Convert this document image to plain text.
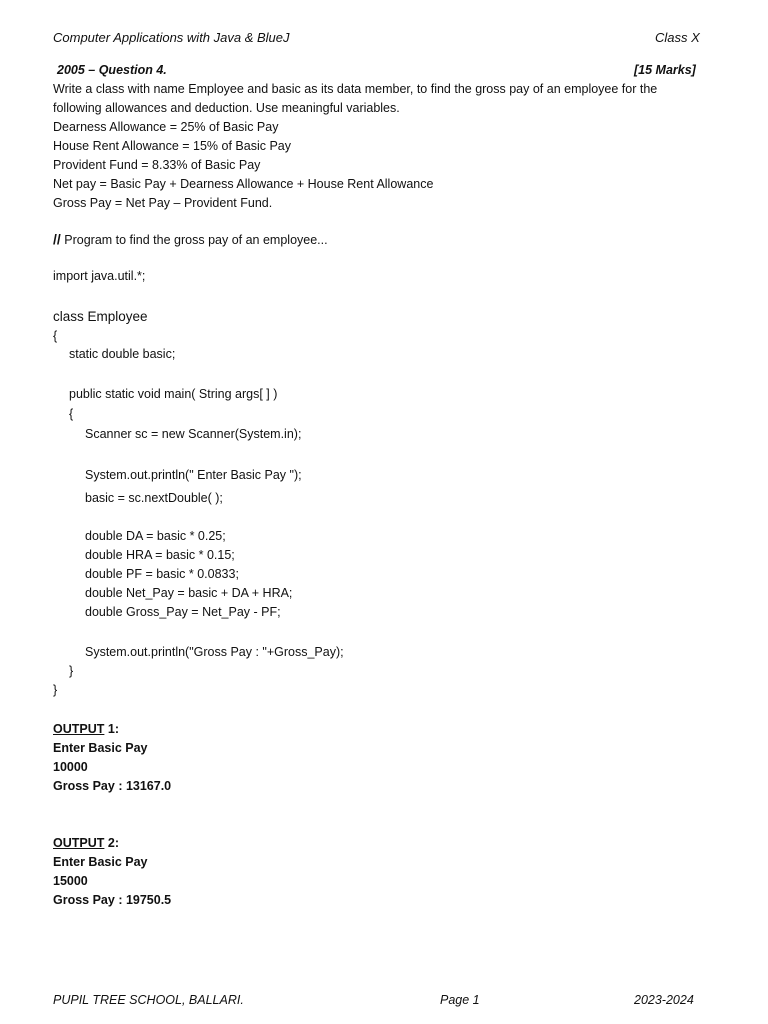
Computer Applications with Java & BlueJ	Class X
2005 – Question 4.	[15 Marks]
Write a class with name Employee and basic as its data member, to find the gross pay of an employee for the
following allowances and deduction. Use meaningful variables.
Dearness Allowance = 25% of Basic Pay
House Rent Allowance = 15% of Basic Pay
Provident Fund = 8.33% of Basic Pay
Net pay = Basic Pay + Dearness Allowance + House Rent Allowance
Gross Pay = Net Pay – Provident Fund.
// Program to find the gross pay of an employee...
import java.util.*;
class Employee
{
static double basic;
public static void main( String args[ ] )
{
Scanner sc = new Scanner(System.in);
System.out.println(" Enter Basic Pay ");
basic = sc.nextDouble( );
double DA = basic * 0.25;
double HRA = basic * 0.15;
double PF = basic * 0.0833;
double Net_Pay = basic + DA + HRA;
double Gross_Pay = Net_Pay - PF;
System.out.println("Gross Pay : "+Gross_Pay);
}
}
OUTPUT 1:
Enter Basic Pay
10000
Gross Pay : 13167.0
OUTPUT 2:
Enter Basic Pay
15000
Gross Pay : 19750.5
PUPIL TREE SCHOOL, BALLARI.	Page 1	2023-2024
